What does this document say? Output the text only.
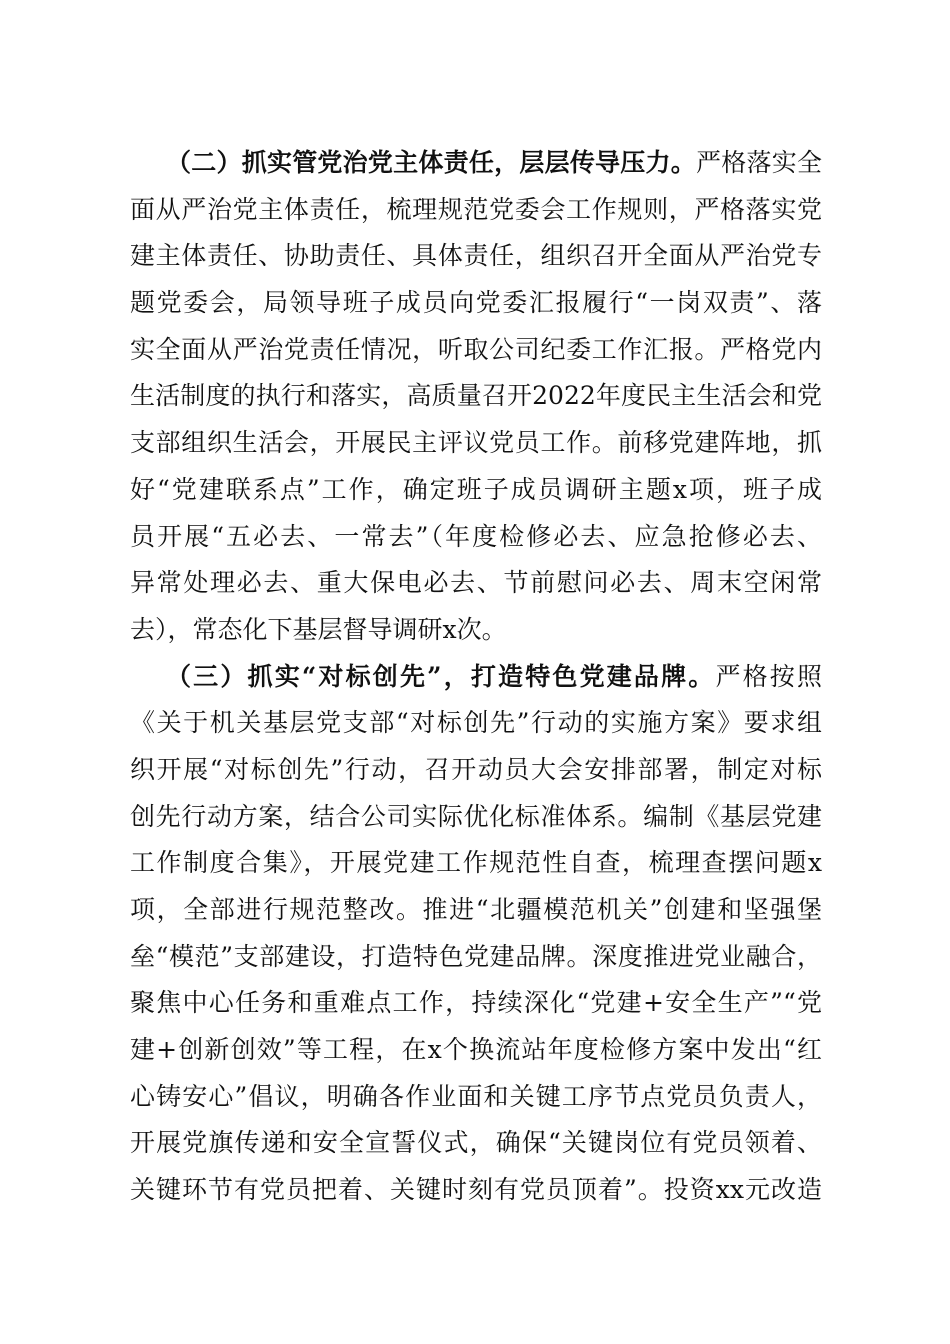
（二）抓实管党治党主体责任，层层传导压力。严格落实全
面从严治党主体责任，梳理规范党委会工作规则，严格落实党
建主体责任、协助责任、具体责任，组织召开全面从严治党专
题党委会，局领导班子成员向党委汇报履行“一岗双责”、落
实全面从严治党责任情况，听取公司纪委工作汇报。严格党内
生活制度的执行和落实，高质量召开2022年度民主生活会和党
支部组织生活会，开展民主评议党员工作。前移党建阵地，抓
好“党建联系点”工作，确定班子成员调研主题x项，班子成
员开展“五必去、一常去”（年度检修必去、应急抢修必去、
异常处理必去、重大保电必去、节前慰问必去、周末空闲常
去），常态化下基层督导调研x次。
（三）抓实“对标创先”，打造特色党建品牌。严格按照
《关于机关基层党支部“对标创先”行动的实施方案》要求组
织开展“对标创先”行动，召开动员大会安排部署，制定对标
创先行动方案，结合公司实际优化标准体系。编制《基层党建
工作制度合集》，开展党建工作规范性自查，梳理查摆问题x
项，全部进行规范整改。推进“北疆模范机关”创建和坚强堡
垒“模范”支部建设，打造特色党建品牌。深度推进党业融合，
聚焦中心任务和重难点工作，持续深化“党建+安全生产”“党
建+创新创效”等工程，在x个换流站年度检修方案中发出“红
心铸安心”倡议，明确各作业面和关键工序节点党员负责人，
开展党旗传递和安全宣誓仪式，确保“关键岗位有党员领着、
关键环节有党员把着、关键时刻有党员顶着”。投资xx元改造
